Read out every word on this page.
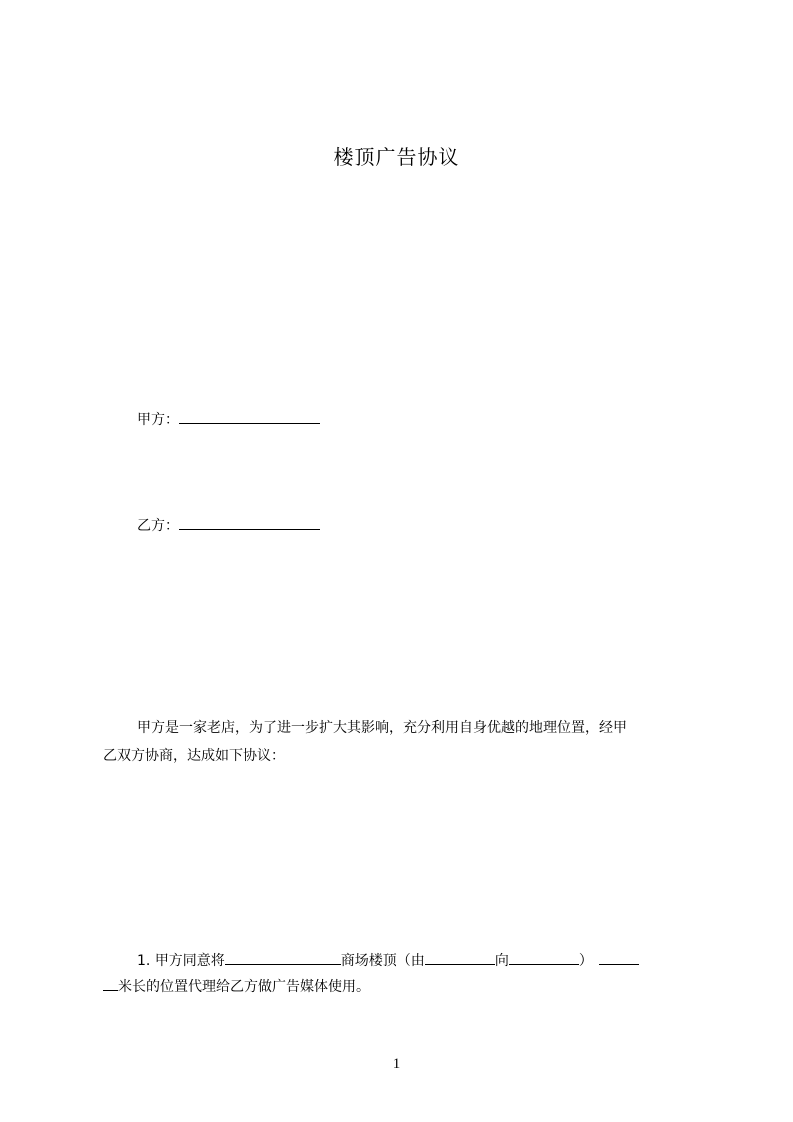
楼顶广告协议
甲方：
乙方：
甲方是一家老店，为了进一步扩大其影响，充分利用自身优越的地理位置，经甲
乙双方协商，达成如下协议：
1. 甲方同意将	商场楼顶（由	向	）
米长的位置代理给乙方做广告媒体使用。
1
